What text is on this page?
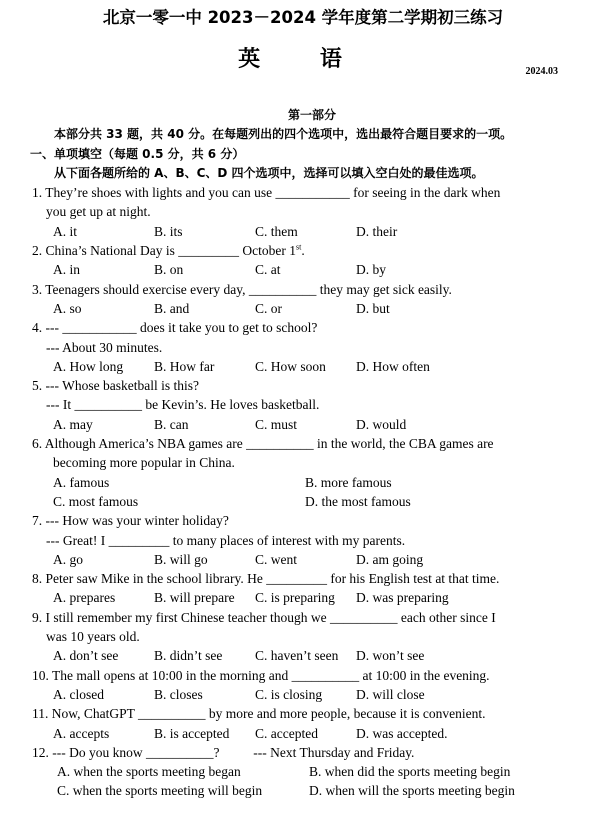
北京一零一中 2023－2024 学年度第二学期初三练习
英 语	2024.03
第一部分
本部分共 33 题，共 40 分。在每题列出的四个选项中，选出最符合题目要求的一项。
一、单项填空（每题 0.5 分，共 6 分）
从下面各题所给的 A、B、C、D 四个选项中，选择可以填入空白处的最佳选项。
1. They’re shoes with lights and you can use ___________ for seeing in the dark when
you get up at night.
A. it	B. its	C. them	D. their
2. China’s National Day is _________ October 1st.
A. in	B. on	C. at	D. by
3. Teenagers should exercise every day, __________ they may get sick easily.
A. so	B. and	C. or	D. but
4. --- ___________ does it take you to get to school?
--- About 30 minutes.
A. How long	B. How far	C. How soon	D. How often
5. --- Whose basketball is this?
--- It __________ be Kevin’s. He loves basketball.
A. may	B. can	C. must	D. would
6. Although America’s NBA games are __________ in the world, the CBA games are
becoming more popular in China.
A. famous	B. more famous
C. most famous	D. the most famous
7. --- How was your winter holiday?
--- Great! I _________ to many places of interest with my parents.
A. go	B. will go	C. went	D. am going
8. Peter saw Mike in the school library. He _________ for his English test at that time.
A. prepares	B. will prepare	C. is preparing	D. was preparing
9. I still remember my first Chinese teacher though we __________ each other since I
was 10 years old.
A. don’t see	B. didn’t see	C. haven’t seen	D. won’t see
10. The mall opens at 10:00 in the morning and __________ at 10:00 in the evening.
A. closed	B. closes	C. is closing	D. will close
11. Now, ChatGPT __________ by more and more people, because it is convenient.
A. accepts	B. is accepted	C. accepted	D. was accepted.
12. --- Do you know __________?          --- Next Thursday and Friday.
A. when the sports meeting began	B. when did the sports meeting begin
C. when the sports meeting will begin	D. when will the sports meeting begin
